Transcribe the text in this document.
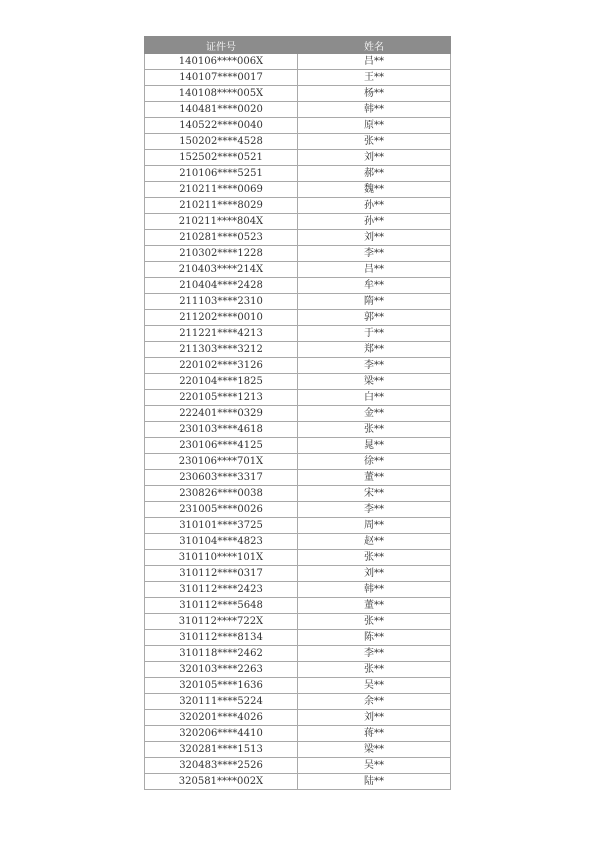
证件号	姓名
140106****006X	吕**
140107****0017	王**
140108****005X	杨**
140481****0020	韩**
140522****0040	原**
150202****4528	张**
152502****0521	刘**
210106****5251	郝**
210211****0069	魏**
210211****8029	孙**
210211****804X	孙**
210281****0523	刘**
210302****1228	李**
210403****214X	吕**
210404****2428	牟**
211103****2310	隋**
211202****0010	郭**
211221****4213	于**
211303****3212	郑**
220102****3126	李**
220104****1825	梁**
220105****1213	白**
222401****0329	金**
230103****4618	张**
230106****4125	晁**
230106****701X	徐**
230603****3317	董**
230826****0038	宋**
231005****0026	李**
310101****3725	周**
310104****4823	赵**
310110****101X	张**
310112****0317	刘**
310112****2423	韩**
310112****5648	董**
310112****722X	张**
310112****8134	陈**
310118****2462	李**
320103****2263	张**
320105****1636	吴**
320111****5224	余**
320201****4026	刘**
320206****4410	蒋**
320281****1513	梁**
320483****2526	吴**
320581****002X	陆**
